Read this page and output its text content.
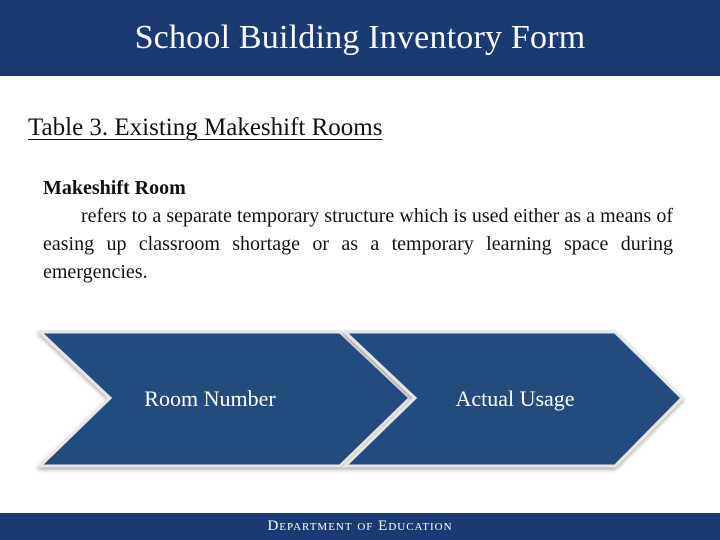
School Building Inventory Form
Table 3. Existing Makeshift Rooms
Makeshift Room
refers to a separate temporary structure which is used either as a means of easing up classroom shortage or as a temporary learning space during emergencies.
Room Number	Actual Usage
Department of Education
